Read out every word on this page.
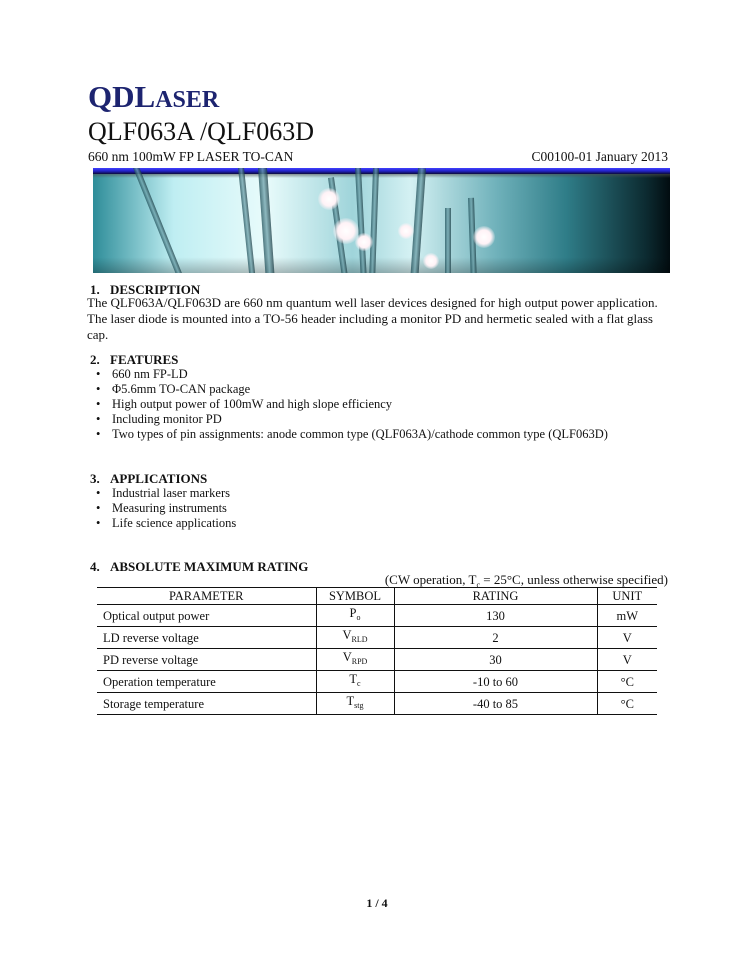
QDLASER
QLF063A /QLF063D
660 nm 100mW FP LASER TO-CAN	C00100-01 January 2013
1. DESCRIPTION
The QLF063A/QLF063D are 660 nm quantum well laser devices designed for high output power application. The laser diode is mounted into a TO-56 header including a monitor PD and hermetic sealed with a flat glass cap.
2. FEATURES
• 660 nm FP-LD
• Φ5.6mm TO-CAN package
• High output power of 100mW and high slope efficiency
• Including monitor PD
• Two types of pin assignments: anode common type (QLF063A)/cathode common type (QLF063D)
3. APPLICATIONS
• Industrial laser markers
• Measuring instruments
• Life science applications
4. ABSOLUTE MAXIMUM RATING
(CW operation, $T_c = 25^\circ C$, unless otherwise specified)
PARAMETER	SYMBOL	RATING	UNIT
Optical output power	$P_o$	130	mW
LD reverse voltage	$V_{RLD}$	2	V
PD reverse voltage	$V_{RPD}$	30	V
Operation temperature	$T_c$	-10 to 60	°C
Storage temperature	$T_{stg}$	-40 to 85	°C
1 / 4
